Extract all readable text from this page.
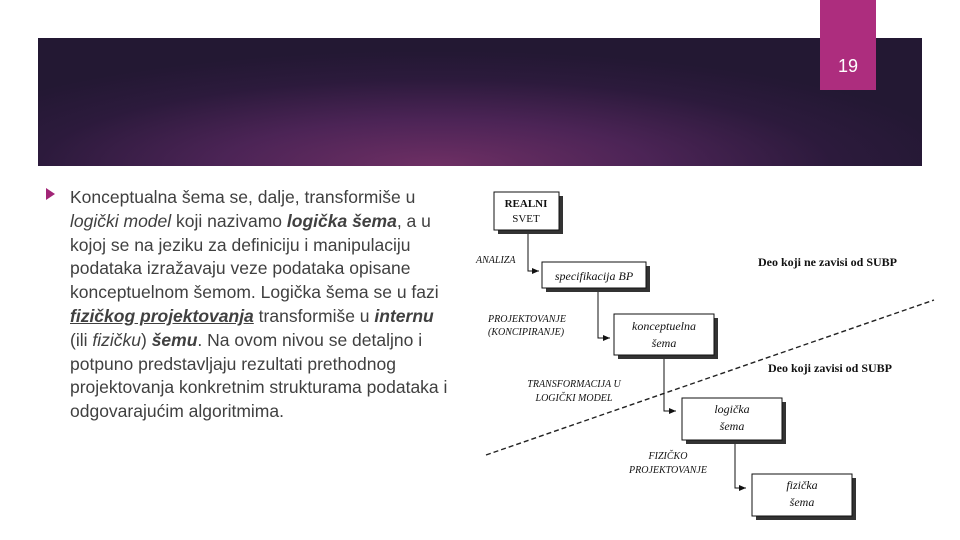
19
Konceptualna šema se, dalje, transformiše u logički model koji nazivamo logička šema, a u kojoj se na jeziku za definiciju i manipulaciju podataka izražavaju veze podataka opisane konceptuelnom šemom. Logička šema se u fazi fizičkog projektovanja transformiše u internu (ili fizičku) šemu. Na ovom nivou se detaljno i potpuno predstavljaju rezultati prethodnog projektovanja konkretnim strukturama podataka i odgovarajućim algoritmima.
REALNI
SVET
ANALIZA
specifikacija BP
Deo koji ne zavisi od SUBP
PROJEKTOVANJE
(KONCIPIRANJE)	konceptuelna
šema
Deo koji zavisi od SUBP
TRANSFORMACIJA U
LOGIČKI MODEL
logička
šema
FIZIČKO
PROJEKTOVANJE
fizička
šema
